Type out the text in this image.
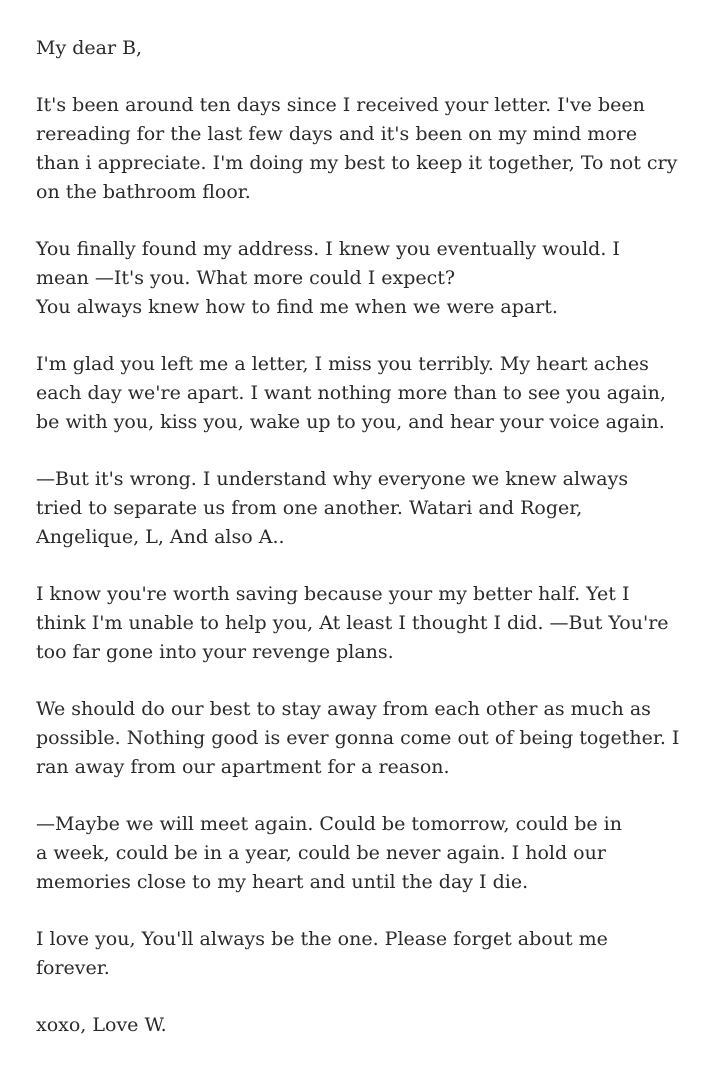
My dear B,

It's been around ten days since I received your letter. I've been
rereading for the last few days and it's been on my mind more
than i appreciate. I'm doing my best to keep it together, To not cry
on the bathroom floor.

You finally found my address. I knew you eventually would. I
mean —It's you. What more could I expect?
You always knew how to find me when we were apart.

I'm glad you left me a letter, I miss you terribly. My heart aches
each day we're apart. I want nothing more than to see you again,
be with you, kiss you, wake up to you, and hear your voice again.

—But it's wrong. I understand why everyone we knew always
tried to separate us from one another. Watari and Roger,
Angelique, L, And also A..

I know you're worth saving because your my better half. Yet I
think I'm unable to help you, At least I thought I did. —But You're
too far gone into your revenge plans.

We should do our best to stay away from each other as much as
possible. Nothing good is ever gonna come out of being together. I
ran away from our apartment for a reason.

—Maybe we will meet again. Could be tomorrow, could be in
a week, could be in a year, could be never again. I hold our
memories close to my heart and until the day I die.

I love you, You'll always be the one. Please forget about me
forever.

xoxo, Love W.
